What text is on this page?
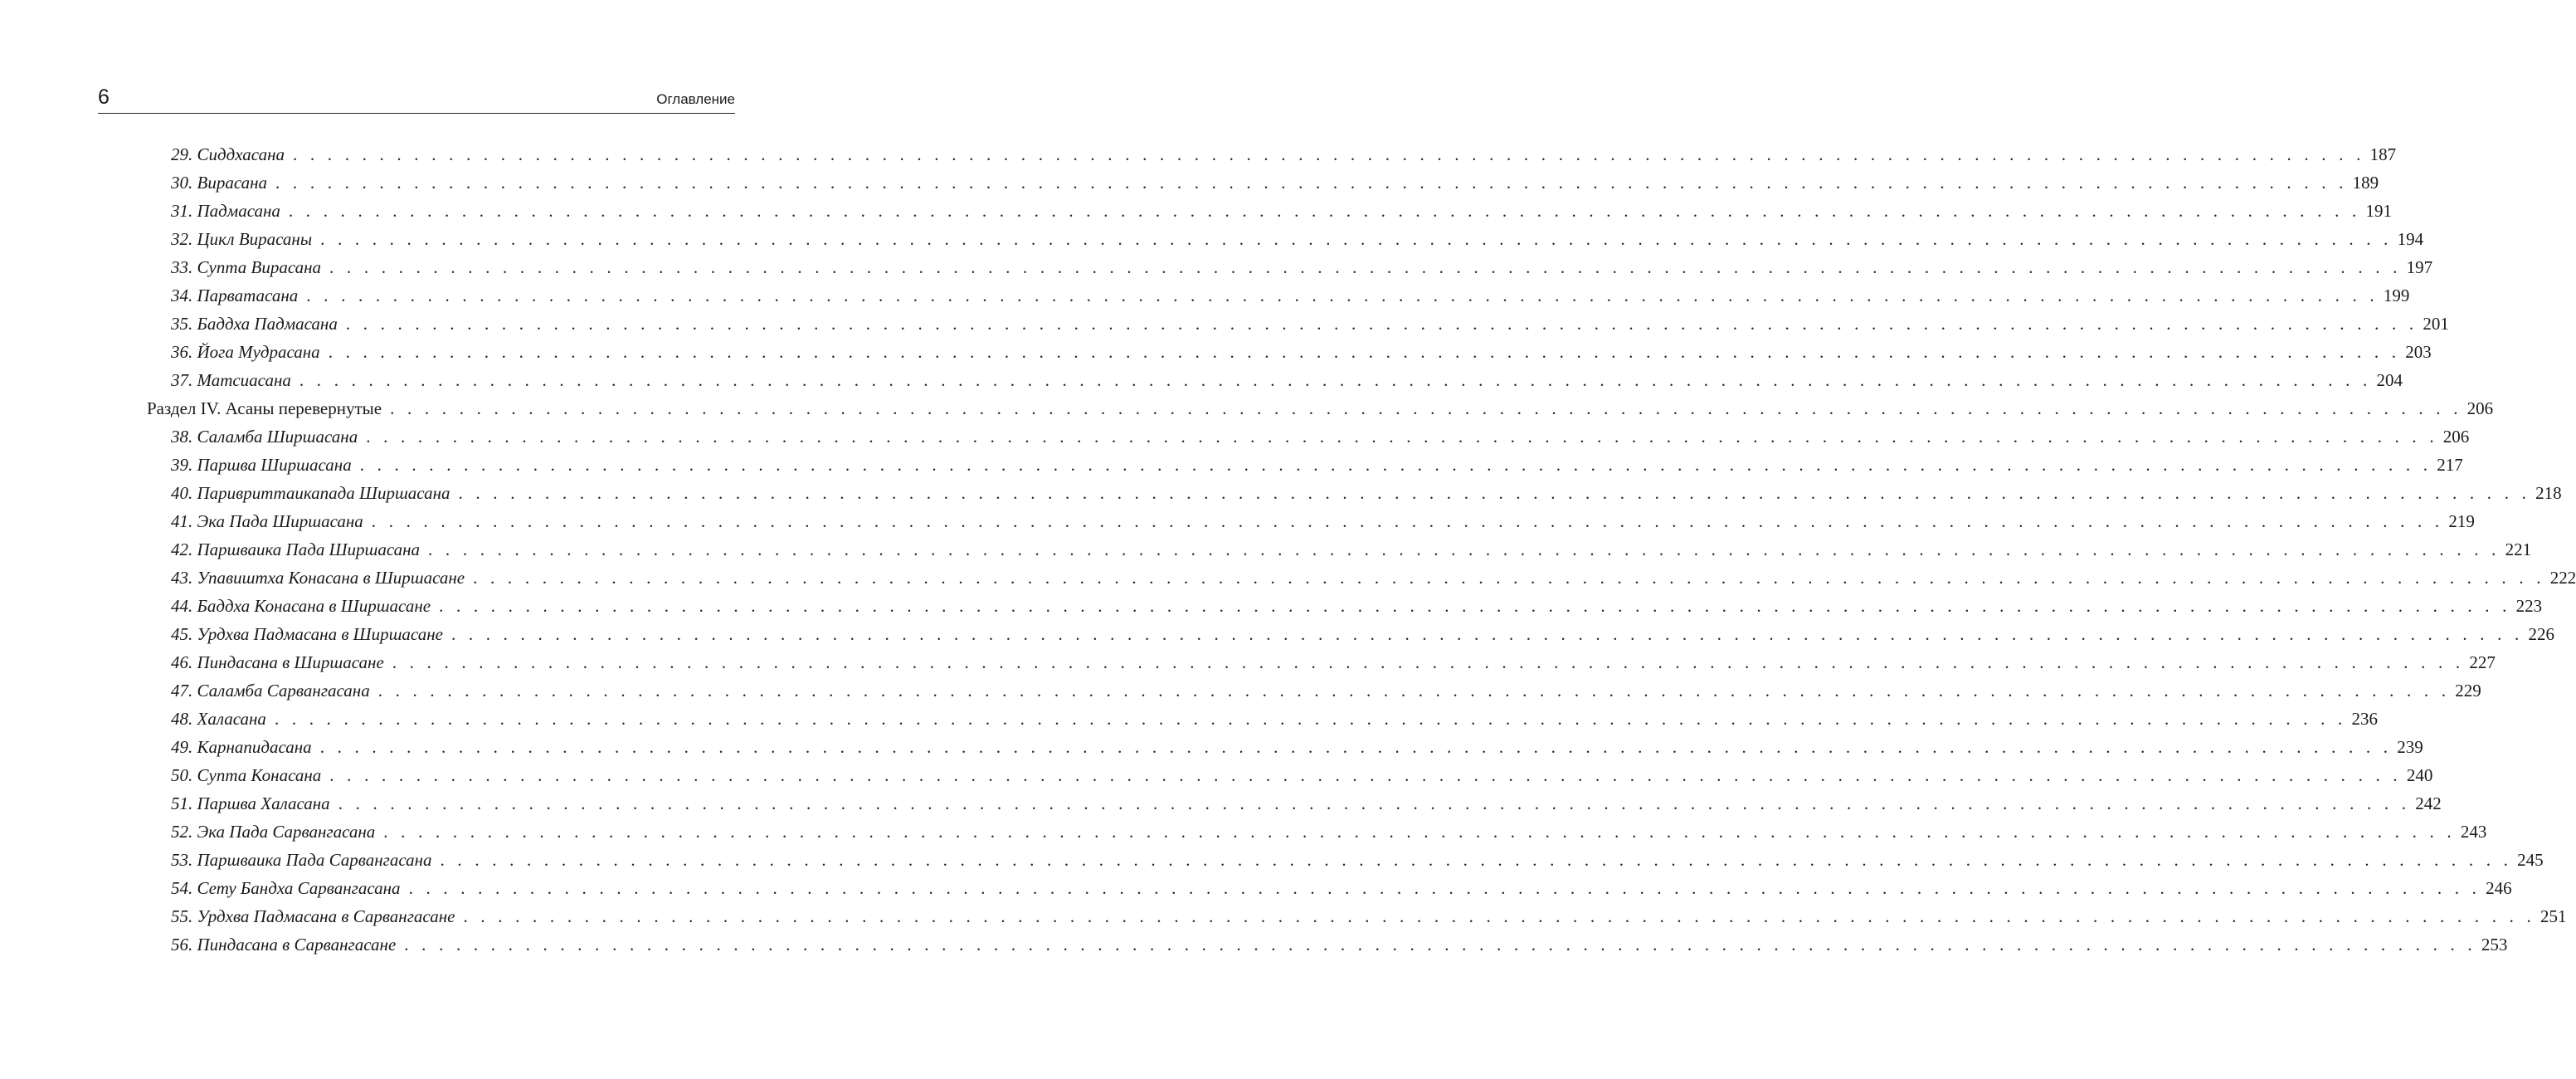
6	Оглавление
29. Сиддхасана . . . . . . . . . . . . . . . . . . . . . . . . . . . . . . . . . . . . . . . . . . . . . . . . . . . . . . . . . . . . . . . . . . . . . . . . . . . . . . . . . . . . . . . . . . . . . . . . . . . . . . . . . . . . . . . . . . . . . . . . 187
30. Вирасана . . . . . . . . . . . . . . . . . . . . . . . . . . . . . . . . . . . . . . . . . . . . . . . . . . . . . . . . . . . . . . . . . . . . . . . . . . . . . . . . . . . . . . . . . . . . . . . . . . . . . . . . . . . . . . . . . . . . . . . . 189
31. Падмасана . . . . . . . . . . . . . . . . . . . . . . . . . . . . . . . . . . . . . . . . . . . . . . . . . . . . . . . . . . . . . . . . . . . . . . . . . . . . . . . . . . . . . . . . . . . . . . . . . . . . . . . . . . . . . . . . . . . . . . . . 191
32. Цикл Вирасаны . . . . . . . . . . . . . . . . . . . . . . . . . . . . . . . . . . . . . . . . . . . . . . . . . . . . . . . . . . . . . . . . . . . . . . . . . . . . . . . . . . . . . . . . . . . . . . . . . . . . . . . . . . . . . . . . . . . . . . . . 194
33. Супта Вирасана . . . . . . . . . . . . . . . . . . . . . . . . . . . . . . . . . . . . . . . . . . . . . . . . . . . . . . . . . . . . . . . . . . . . . . . . . . . . . . . . . . . . . . . . . . . . . . . . . . . . . . . . . . . . . . . . . . . . . . . . 197
34. Парватасана . . . . . . . . . . . . . . . . . . . . . . . . . . . . . . . . . . . . . . . . . . . . . . . . . . . . . . . . . . . . . . . . . . . . . . . . . . . . . . . . . . . . . . . . . . . . . . . . . . . . . . . . . . . . . . . . . . . . . . . . 199
35. Баддха Падмасана . . . . . . . . . . . . . . . . . . . . . . . . . . . . . . . . . . . . . . . . . . . . . . . . . . . . . . . . . . . . . . . . . . . . . . . . . . . . . . . . . . . . . . . . . . . . . . . . . . . . . . . . . . . . . . . . . . . . . . . . 201
36. Йога Мудрасана . . . . . . . . . . . . . . . . . . . . . . . . . . . . . . . . . . . . . . . . . . . . . . . . . . . . . . . . . . . . . . . . . . . . . . . . . . . . . . . . . . . . . . . . . . . . . . . . . . . . . . . . . . . . . . . . . . . . . . . . 203
37. Матсиасана . . . . . . . . . . . . . . . . . . . . . . . . . . . . . . . . . . . . . . . . . . . . . . . . . . . . . . . . . . . . . . . . . . . . . . . . . . . . . . . . . . . . . . . . . . . . . . . . . . . . . . . . . . . . . . . . . . . . . . . . 204
Раздел IV. Асаны перевернутые . . . . . . . . . . . . . . . . . . . . . . . . . . . . . . . . . . . . . . . . . . . . . . . . . . . . . . . . . . . . . . . . . . . . . . . . . . . . . . . . . . . . . . . . . . . . . . . . . . . . . . . . . . . . . . . . . . . . . . . . 206
38. Саламба Ширшасана . . . . . . . . . . . . . . . . . . . . . . . . . . . . . . . . . . . . . . . . . . . . . . . . . . . . . . . . . . . . . . . . . . . . . . . . . . . . . . . . . . . . . . . . . . . . . . . . . . . . . . . . . . . . . . . . . . . . . . . . 206
39. Паршва Ширшасана . . . . . . . . . . . . . . . . . . . . . . . . . . . . . . . . . . . . . . . . . . . . . . . . . . . . . . . . . . . . . . . . . . . . . . . . . . . . . . . . . . . . . . . . . . . . . . . . . . . . . . . . . . . . . . . . . . . . . . . . 217
40. Паривриттаикапада Ширшасана . . . . . . . . . . . . . . . . . . . . . . . . . . . . . . . . . . . . . . . . . . . . . . . . . . . . . . . . . . . . . . . . . . . . . . . . . . . . . . . . . . . . . . . . . . . . . . . . . . . . . . . . . . . . . . . . . . . . . . . . 218
41. Эка Пада Ширшасана . . . . . . . . . . . . . . . . . . . . . . . . . . . . . . . . . . . . . . . . . . . . . . . . . . . . . . . . . . . . . . . . . . . . . . . . . . . . . . . . . . . . . . . . . . . . . . . . . . . . . . . . . . . . . . . . . . . . . . . . 219
42. Паршваика Пада Ширшасана . . . . . . . . . . . . . . . . . . . . . . . . . . . . . . . . . . . . . . . . . . . . . . . . . . . . . . . . . . . . . . . . . . . . . . . . . . . . . . . . . . . . . . . . . . . . . . . . . . . . . . . . . . . . . . . . . . . . . . . . 221
43. Упавиштха Конасана в Ширшасане . . . . . . . . . . . . . . . . . . . . . . . . . . . . . . . . . . . . . . . . . . . . . . . . . . . . . . . . . . . . . . . . . . . . . . . . . . . . . . . . . . . . . . . . . . . . . . . . . . . . . . . . . . . . . . . . . . . . . . . . 222
44. Баддха Конасана в Ширшасане . . . . . . . . . . . . . . . . . . . . . . . . . . . . . . . . . . . . . . . . . . . . . . . . . . . . . . . . . . . . . . . . . . . . . . . . . . . . . . . . . . . . . . . . . . . . . . . . . . . . . . . . . . . . . . . . . . . . . . . . 223
45. Урдхва Падмасана в Ширшасане . . . . . . . . . . . . . . . . . . . . . . . . . . . . . . . . . . . . . . . . . . . . . . . . . . . . . . . . . . . . . . . . . . . . . . . . . . . . . . . . . . . . . . . . . . . . . . . . . . . . . . . . . . . . . . . . . . . . . . . . 226
46. Пиндасана в Ширшасане . . . . . . . . . . . . . . . . . . . . . . . . . . . . . . . . . . . . . . . . . . . . . . . . . . . . . . . . . . . . . . . . . . . . . . . . . . . . . . . . . . . . . . . . . . . . . . . . . . . . . . . . . . . . . . . . . . . . . . . . 227
47. Саламба Сарвангасана . . . . . . . . . . . . . . . . . . . . . . . . . . . . . . . . . . . . . . . . . . . . . . . . . . . . . . . . . . . . . . . . . . . . . . . . . . . . . . . . . . . . . . . . . . . . . . . . . . . . . . . . . . . . . . . . . . . . . . . . 229
48. Халасана . . . . . . . . . . . . . . . . . . . . . . . . . . . . . . . . . . . . . . . . . . . . . . . . . . . . . . . . . . . . . . . . . . . . . . . . . . . . . . . . . . . . . . . . . . . . . . . . . . . . . . . . . . . . . . . . . . . . . . . . 236
49. Карнапидасана . . . . . . . . . . . . . . . . . . . . . . . . . . . . . . . . . . . . . . . . . . . . . . . . . . . . . . . . . . . . . . . . . . . . . . . . . . . . . . . . . . . . . . . . . . . . . . . . . . . . . . . . . . . . . . . . . . . . . . . . 239
50. Супта Конасана . . . . . . . . . . . . . . . . . . . . . . . . . . . . . . . . . . . . . . . . . . . . . . . . . . . . . . . . . . . . . . . . . . . . . . . . . . . . . . . . . . . . . . . . . . . . . . . . . . . . . . . . . . . . . . . . . . . . . . . . 240
51. Паршва Халасана . . . . . . . . . . . . . . . . . . . . . . . . . . . . . . . . . . . . . . . . . . . . . . . . . . . . . . . . . . . . . . . . . . . . . . . . . . . . . . . . . . . . . . . . . . . . . . . . . . . . . . . . . . . . . . . . . . . . . . . . 242
52. Эка Пада Сарвангасана . . . . . . . . . . . . . . . . . . . . . . . . . . . . . . . . . . . . . . . . . . . . . . . . . . . . . . . . . . . . . . . . . . . . . . . . . . . . . . . . . . . . . . . . . . . . . . . . . . . . . . . . . . . . . . . . . . . . . . . . 243
53. Паршваика Пада Сарвангасана . . . . . . . . . . . . . . . . . . . . . . . . . . . . . . . . . . . . . . . . . . . . . . . . . . . . . . . . . . . . . . . . . . . . . . . . . . . . . . . . . . . . . . . . . . . . . . . . . . . . . . . . . . . . . . . . . . . . . . . . 245
54. Сету Бандха Сарвангасана . . . . . . . . . . . . . . . . . . . . . . . . . . . . . . . . . . . . . . . . . . . . . . . . . . . . . . . . . . . . . . . . . . . . . . . . . . . . . . . . . . . . . . . . . . . . . . . . . . . . . . . . . . . . . . . . . . . . . . . . 246
55. Урдхва Падмасана в Сарвангасане . . . . . . . . . . . . . . . . . . . . . . . . . . . . . . . . . . . . . . . . . . . . . . . . . . . . . . . . . . . . . . . . . . . . . . . . . . . . . . . . . . . . . . . . . . . . . . . . . . . . . . . . . . . . . . . . . . . . . . . . 251
56. Пиндасана в Сарвангасане . . . . . . . . . . . . . . . . . . . . . . . . . . . . . . . . . . . . . . . . . . . . . . . . . . . . . . . . . . . . . . . . . . . . . . . . . . . . . . . . . . . . . . . . . . . . . . . . . . . . . . . . . . . . . . . . . . . . . . . . 253
